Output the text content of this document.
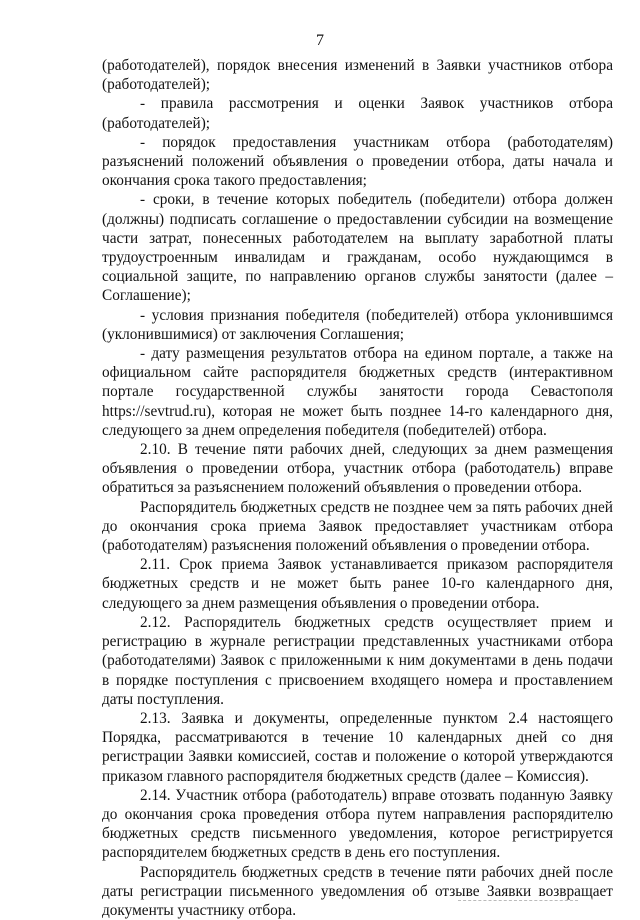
7

(работодателей), порядок внесения изменений в Заявки участников отбора (работодателей);

- правила рассмотрения и оценки Заявок участников отбора (работодателей);

- порядок предоставления участникам отбора (работодателям) разъяснений положений объявления о проведении отбора, даты начала и окончания срока такого предоставления;

- сроки, в течение которых победитель (победители) отбора должен (должны) подписать соглашение о предоставлении субсидии на возмещение части затрат, понесенных работодателем на выплату заработной платы трудоустроенным инвалидам и гражданам, особо нуждающимся в социальной защите, по направлению органов службы занятости (далее – Соглашение);

- условия признания победителя (победителей) отбора уклонившимся (уклонившимися) от заключения Соглашения;

- дату размещения результатов отбора на едином портале, а также на официальном сайте распорядителя бюджетных средств (интерактивном портале государственной службы занятости города Севастополя https://sevtrud.ru), которая не может быть позднее 14-го календарного дня, следующего за днем определения победителя (победителей) отбора.

2.10. В течение пяти рабочих дней, следующих за днем размещения объявления о проведении отбора, участник отбора (работодатель) вправе обратиться за разъяснением положений объявления о проведении отбора.

Распорядитель бюджетных средств не позднее чем за пять рабочих дней до окончания срока приема Заявок предоставляет участникам отбора (работодателям) разъяснения положений объявления о проведении отбора.

2.11. Срок приема Заявок устанавливается приказом распорядителя бюджетных средств и не может быть ранее 10-го календарного дня, следующего за днем размещения объявления о проведении отбора.

2.12. Распорядитель бюджетных средств осуществляет прием и регистрацию в журнале регистрации представленных участниками отбора (работодателями) Заявок с приложенными к ним документами в день подачи в порядке поступления с присвоением входящего номера и проставлением даты поступления.

2.13. Заявка и документы, определенные пунктом 2.4 настоящего Порядка, рассматриваются в течение 10 календарных дней со дня регистрации Заявки комиссией, состав и положение о которой утверждаются приказом главного распорядителя бюджетных средств (далее – Комиссия).

2.14. Участник отбора (работодатель) вправе отозвать поданную Заявку до окончания срока проведения отбора путем направления распорядителю бюджетных средств письменного уведомления, которое регистрируется распорядителем бюджетных средств в день его поступления.

Распорядитель бюджетных средств в течение пяти рабочих дней после даты регистрации письменного уведомления об отзыве Заявки возвращает документы участнику отбора.
